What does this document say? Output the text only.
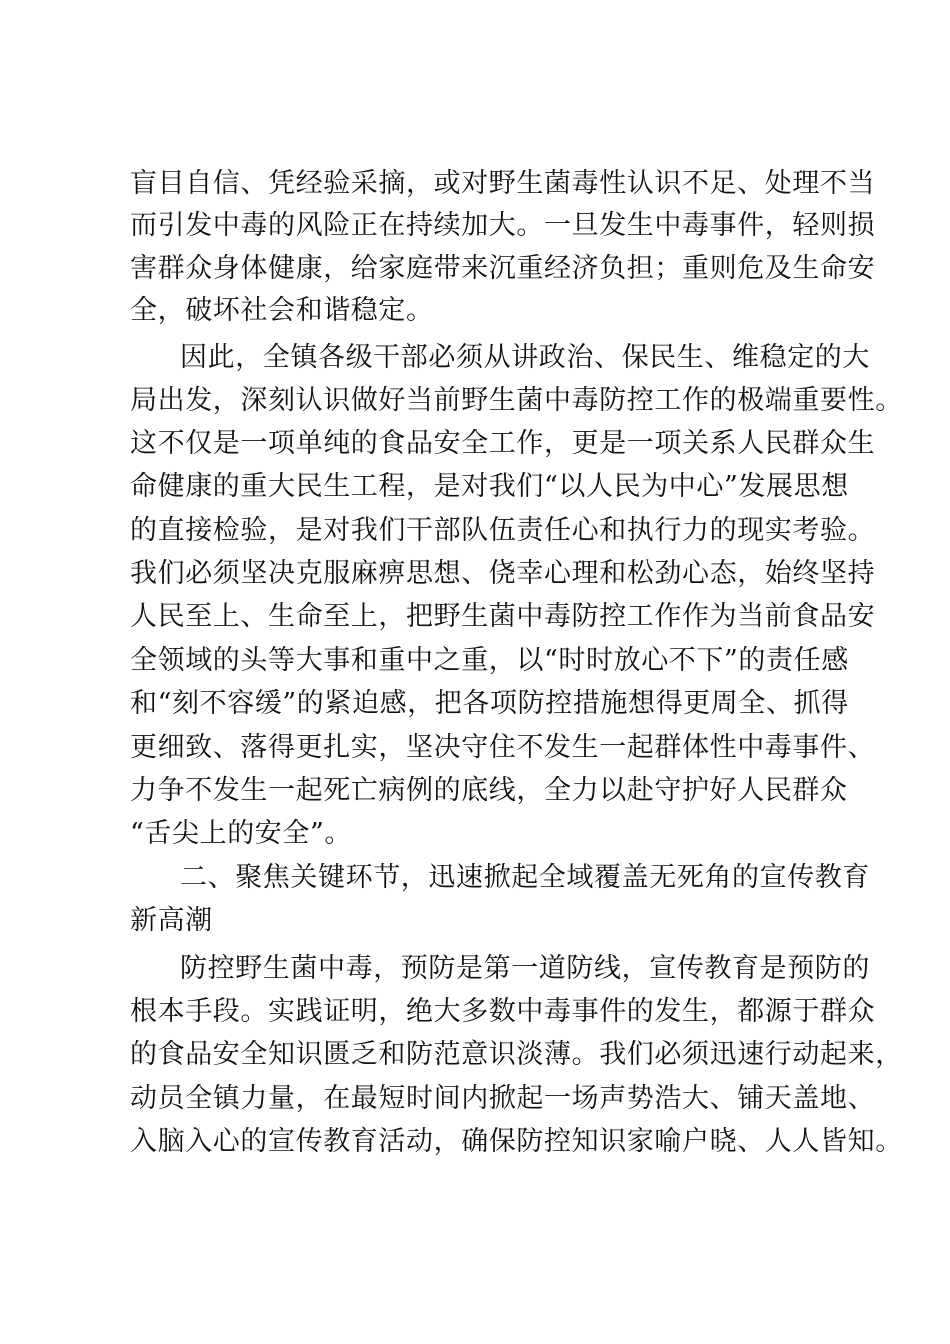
盲目自信、凭经验采摘，或对野生菌毒性认识不足、处理不当
而引发中毒的风险正在持续加大。一旦发生中毒事件，轻则损
害群众身体健康，给家庭带来沉重经济负担；重则危及生命安
全，破坏社会和谐稳定。
因此，全镇各级干部必须从讲政治、保民生、维稳定的大
局出发，深刻认识做好当前野生菌中毒防控工作的极端重要性。
这不仅是一项单纯的食品安全工作，更是一项关系人民群众生
命健康的重大民生工程，是对我们“以人民为中心”发展思想
的直接检验，是对我们干部队伍责任心和执行力的现实考验。
我们必须坚决克服麻痹思想、侥幸心理和松劲心态，始终坚持
人民至上、生命至上，把野生菌中毒防控工作作为当前食品安
全领域的头等大事和重中之重，以“时时放心不下”的责任感
和“刻不容缓”的紧迫感，把各项防控措施想得更周全、抓得
更细致、落得更扎实，坚决守住不发生一起群体性中毒事件、
力争不发生一起死亡病例的底线，全力以赴守护好人民群众
“舌尖上的安全”。
二、聚焦关键环节，迅速掀起全域覆盖无死角的宣传教育
新高潮
防控野生菌中毒，预防是第一道防线，宣传教育是预防的
根本手段。实践证明，绝大多数中毒事件的发生，都源于群众
的食品安全知识匮乏和防范意识淡薄。我们必须迅速行动起来，
动员全镇力量，在最短时间内掀起一场声势浩大、铺天盖地、
入脑入心的宣传教育活动，确保防控知识家喻户晓、人人皆知。
